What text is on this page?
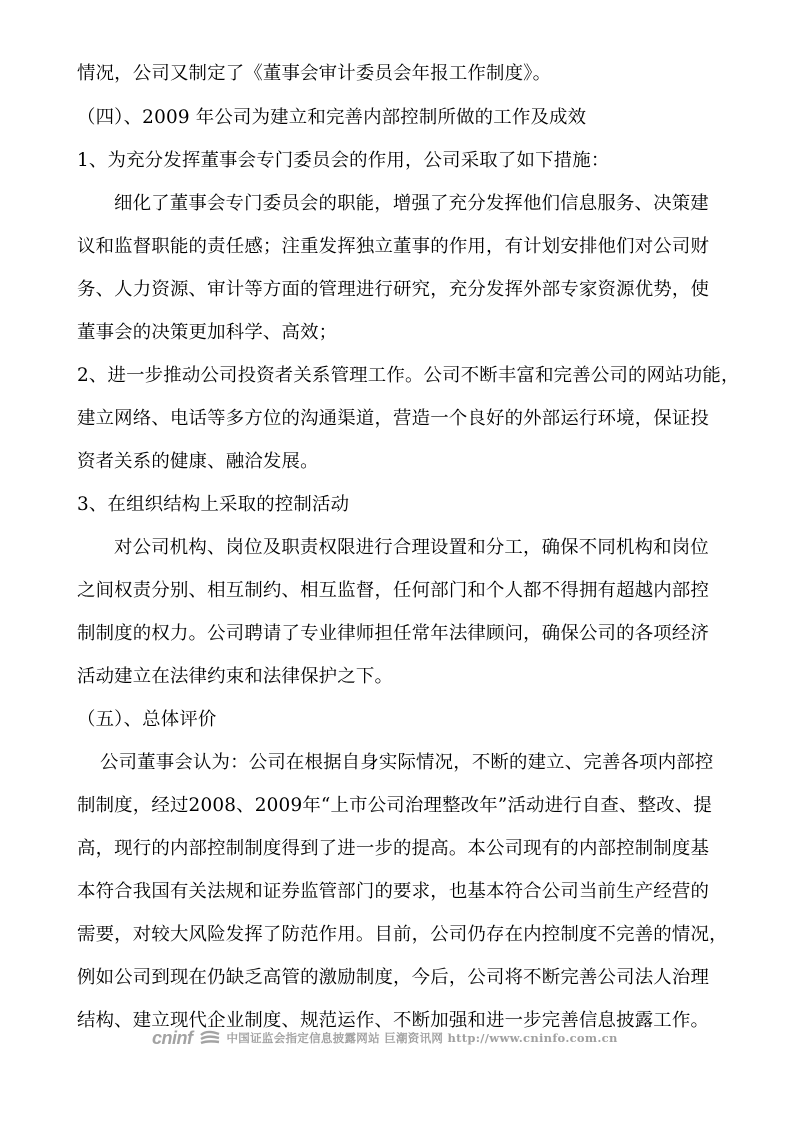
情况，公司又制定了《董事会审计委员会年报工作制度》。
（四）、2009 年公司为建立和完善内部控制所做的工作及成效
1、为充分发挥董事会专门委员会的作用，公司采取了如下措施：
细化了董事会专门委员会的职能，增强了充分发挥他们信息服务、决策建
议和监督职能的责任感；注重发挥独立董事的作用，有计划安排他们对公司财
务、人力资源、审计等方面的管理进行研究，充分发挥外部专家资源优势，使
董事会的决策更加科学、高效；
2、进一步推动公司投资者关系管理工作。公司不断丰富和完善公司的网站功能，
建立网络、电话等多方位的沟通渠道，营造一个良好的外部运行环境，保证投
资者关系的健康、融洽发展。
3、在组织结构上采取的控制活动
对公司机构、岗位及职责权限进行合理设置和分工，确保不同机构和岗位
之间权责分别、相互制约、相互监督，任何部门和个人都不得拥有超越内部控
制制度的权力。公司聘请了专业律师担任常年法律顾问，确保公司的各项经济
活动建立在法律约束和法律保护之下。
（五）、总体评价
公司董事会认为：公司在根据自身实际情况，不断的建立、完善各项内部控
制制度，经过2008、2009年“上市公司治理整改年”活动进行自查、整改、提
高，现行的内部控制制度得到了进一步的提高。本公司现有的内部控制制度基
本符合我国有关法规和证券监管部门的要求，也基本符合公司当前生产经营的
需要，对较大风险发挥了防范作用。目前，公司仍存在内控制度不完善的情况，
例如公司到现在仍缺乏高管的激励制度，今后，公司将不断完善公司法人治理
结构、建立现代企业制度、规范运作、不断加强和进一步完善信息披露工作。
cninf	中国证监会指定信息披露网站 巨潮资讯网 http://www.cninfo.com.cn
